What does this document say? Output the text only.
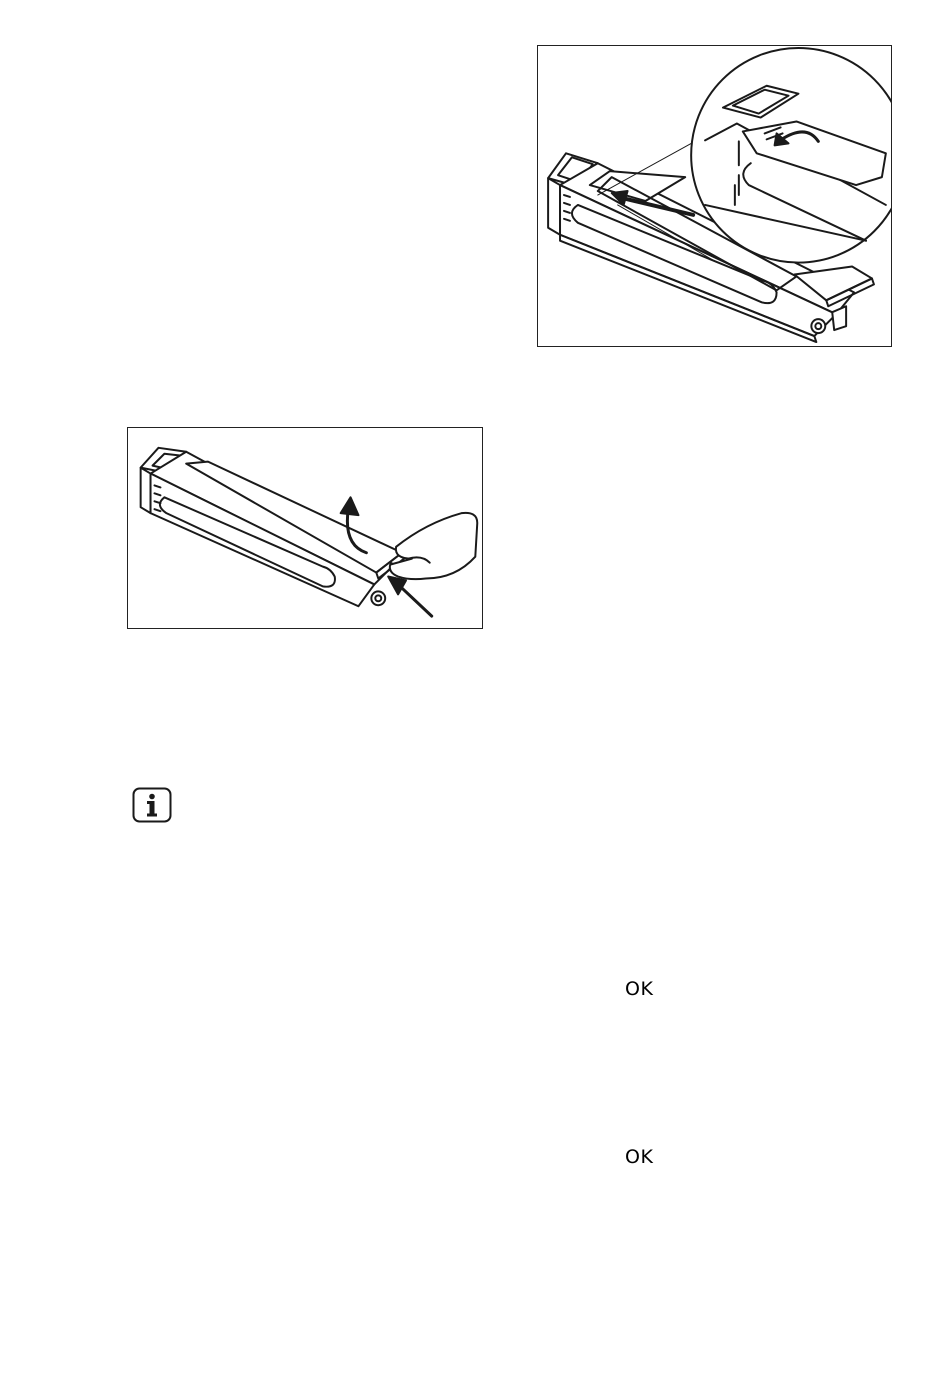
OK
OK
